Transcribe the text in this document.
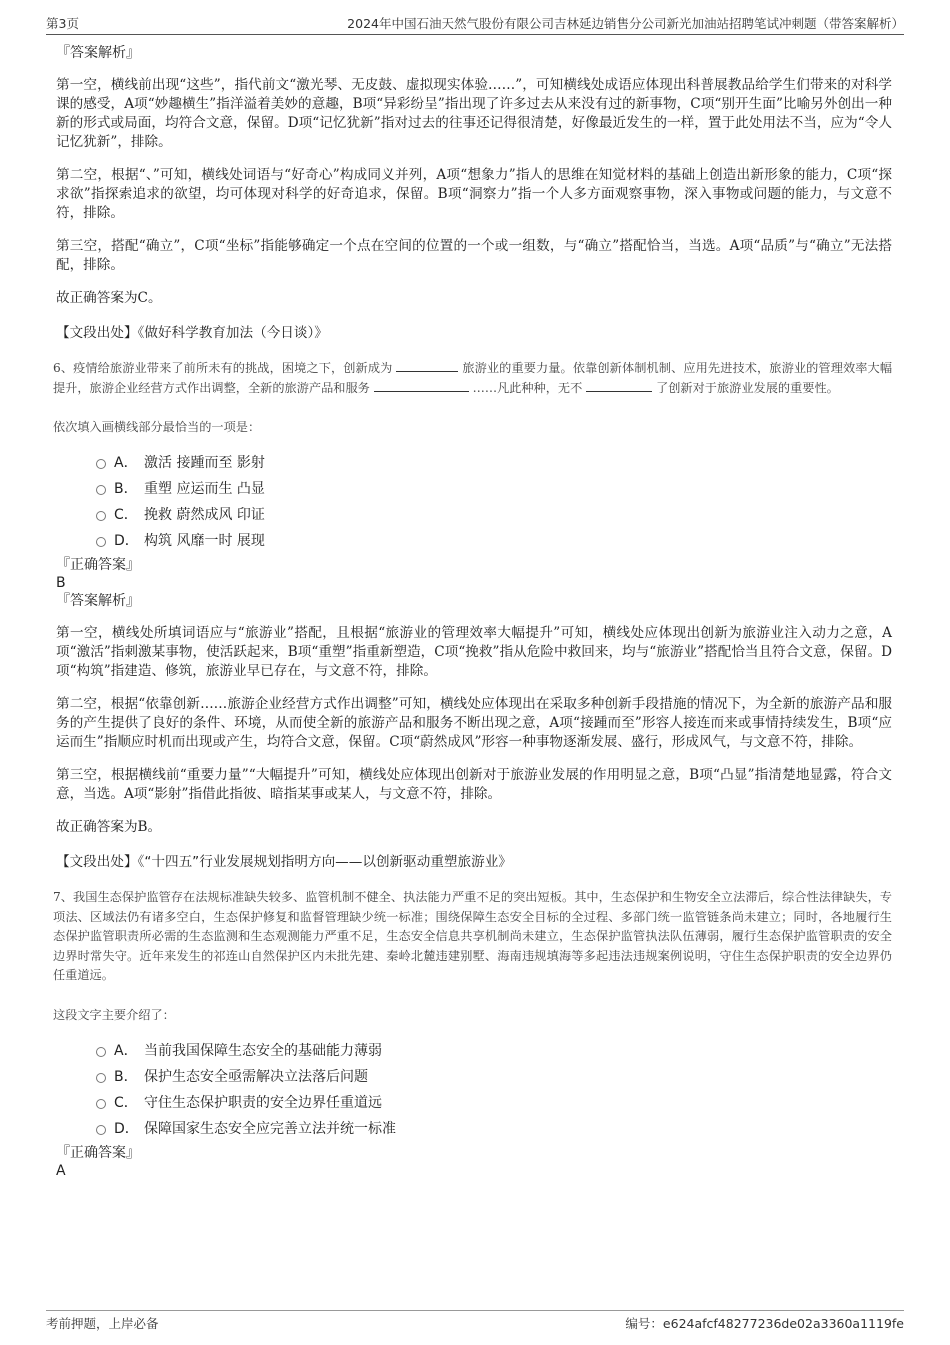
第3页	2024年中国石油天然气股份有限公司吉林延边销售分公司新光加油站招聘笔试冲刺题（带答案解析）

『答案解析』

第一空，横线前出现“这些”，指代前文“激光琴、无皮鼓、虚拟现实体验……”，可知横线处成语应体现出科普展教品给学生们带来的对科学课的感受，A项“妙趣横生”指洋溢着美妙的意趣，B项“异彩纷呈”指出现了许多过去从来没有过的新事物，C项“别开生面”比喻另外创出一种新的形式或局面，均符合文意，保留。D项“记忆犹新”指对过去的往事还记得很清楚，好像最近发生的一样，置于此处用法不当，应为“令人记忆犹新”，排除。

第二空，根据“、”可知，横线处词语与“好奇心”构成同义并列，A项“想象力”指人的思维在知觉材料的基础上创造出新形象的能力，C项“探求欲”指探索追求的欲望，均可体现对科学的好奇追求，保留。B项“洞察力”指一个人多方面观察事物，深入事物或问题的能力，与文意不符，排除。

第三空，搭配“确立”，C项“坐标”指能够确定一个点在空间的位置的一个或一组数，与“确立”搭配恰当，当选。A项“品质”与“确立”无法搭配，排除。

故正确答案为C。

【文段出处】《做好科学教育加法（今日谈）》

6、疫情给旅游业带来了前所未有的挑战，困境之下，创新成为	旅游业的重要力量。依靠创新体制机制、应用先进技术，旅游业的管理效率大幅提升，旅游企业经营方式作出调整，全新的旅游产品和服务	……凡此种种，无不	了创新对于旅游业发展的重要性。

依次填入画横线部分最恰当的一项是：

A． 激活 接踵而至 影射
B． 重塑 应运而生 凸显
C． 挽救 蔚然成风 印证
D． 构筑 风靡一时 展现

『正确答案』

B

『答案解析』

第一空，横线处所填词语应与“旅游业”搭配，且根据“旅游业的管理效率大幅提升”可知，横线处应体现出创新为旅游业注入动力之意，A项“激活”指刺激某事物，使活跃起来，B项“重塑”指重新塑造，C项“挽救”指从危险中救回来，均与“旅游业”搭配恰当且符合文意，保留。D项“构筑”指建造、修筑，旅游业早已存在，与文意不符，排除。

第二空，根据“依靠创新……旅游企业经营方式作出调整”可知，横线处应体现出在采取多种创新手段措施的情况下，为全新的旅游产品和服务的产生提供了良好的条件、环境，从而使全新的旅游产品和服务不断出现之意，A项“接踵而至”形容人接连而来或事情持续发生，B项“应运而生”指顺应时机而出现或产生，均符合文意，保留。C项“蔚然成风”形容一种事物逐渐发展、盛行，形成风气，与文意不符，排除。

第三空，根据横线前“重要力量”“大幅提升”可知，横线处应体现出创新对于旅游业发展的作用明显之意，B项“凸显”指清楚地显露，符合文意，当选。A项“影射”指借此指彼、暗指某事或某人，与文意不符，排除。

故正确答案为B。

【文段出处】《“十四五”行业发展规划指明方向——以创新驱动重塑旅游业》

7、我国生态保护监管存在法规标准缺失较多、监管机制不健全、执法能力严重不足的突出短板。其中，生态保护和生物安全立法滞后，综合性法律缺失，专项法、区域法仍有诸多空白，生态保护修复和监督管理缺少统一标准；围绕保障生态安全目标的全过程、多部门统一监管链条尚未建立；同时，各地履行生态保护监管职责所必需的生态监测和生态观测能力严重不足，生态安全信息共享机制尚未建立，生态保护监管执法队伍薄弱，履行生态保护监管职责的安全边界时常失守。近年来发生的祁连山自然保护区内未批先建、秦岭北麓违建别墅、海南违规填海等多起违法违规案例说明，守住生态保护职责的安全边界仍任重道远。

这段文字主要介绍了：

A． 当前我国保障生态安全的基础能力薄弱
B． 保护生态安全亟需解决立法落后问题
C． 守住生态保护职责的安全边界任重道远
D． 保障国家生态安全应完善立法并统一标准

『正确答案』

A

考前押题，上岸必备	编号：e624afcf48277236de02a3360a1119fe
